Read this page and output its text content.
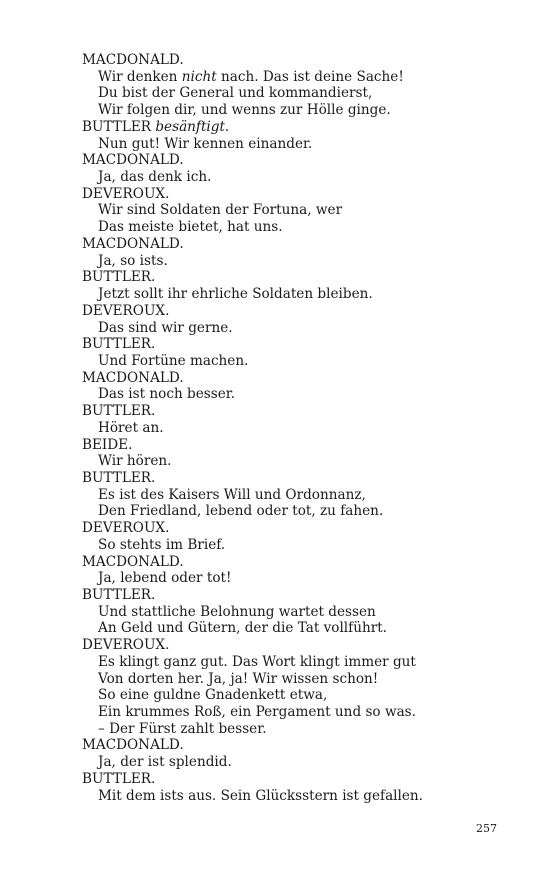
MACDONALD.
Wir denken nicht nach. Das ist deine Sache!
Du bist der General und kommandierst,
Wir folgen dir, und wenns zur Hölle ginge.
BUTTLER besänftigt.
Nun gut! Wir kennen einander.
MACDONALD.
Ja, das denk ich.
DEVEROUX.
Wir sind Soldaten der Fortuna, wer
Das meiste bietet, hat uns.
MACDONALD.
Ja, so ists.
BUTTLER.
Jetzt sollt ihr ehrliche Soldaten bleiben.
DEVEROUX.
Das sind wir gerne.
BUTTLER.
Und Fortüne machen.
MACDONALD.
Das ist noch besser.
BUTTLER.
Höret an.
BEIDE.
Wir hören.
BUTTLER.
Es ist des Kaisers Will und Ordonnanz,
Den Friedland, lebend oder tot, zu fahen.
DEVEROUX.
So stehts im Brief.
MACDONALD.
Ja, lebend oder tot!
BUTTLER.
Und stattliche Belohnung wartet dessen
An Geld und Gütern, der die Tat vollführt.
DEVEROUX.
Es klingt ganz gut. Das Wort klingt immer gut
Von dorten her. Ja, ja! Wir wissen schon!
So eine guldne Gnadenkett etwa,
Ein krummes Roß, ein Pergament und so was.
– Der Fürst zahlt besser.
MACDONALD.
Ja, der ist splendid.
BUTTLER.
Mit dem ists aus. Sein Glücksstern ist gefallen.
257
